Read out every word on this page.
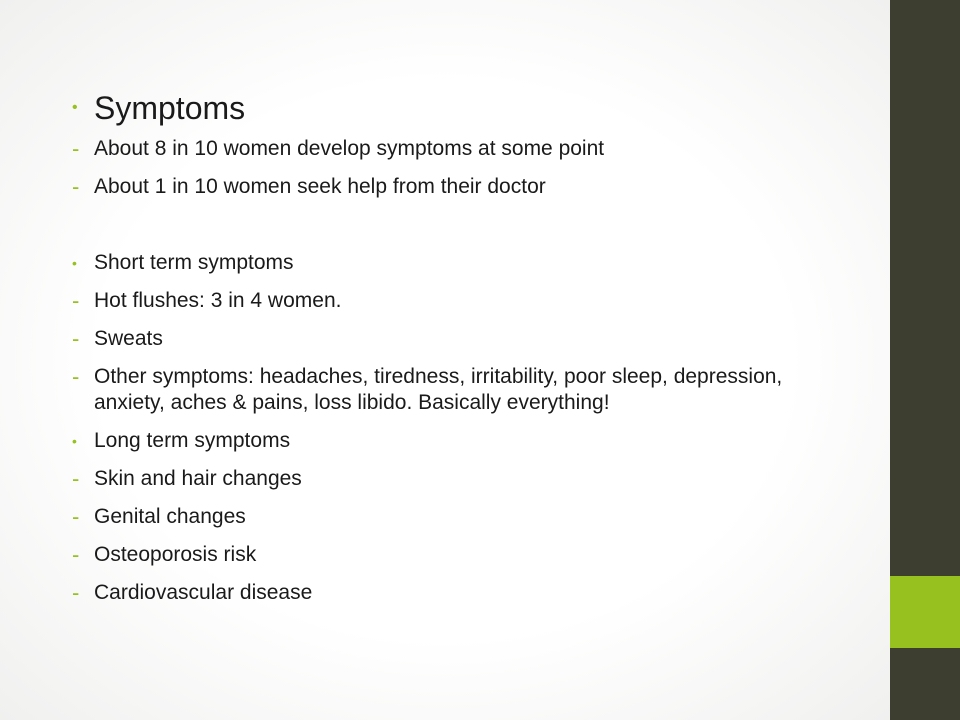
• Symptoms
- About 8 in 10 women develop symptoms at some point
- About 1 in 10 women seek help from their doctor
• Short term symptoms
- Hot flushes: 3 in 4 women.
- Sweats
- Other symptoms: headaches, tiredness, irritability, poor sleep, depression, anxiety, aches & pains, loss libido. Basically everything!
• Long term symptoms
- Skin and hair changes
- Genital changes
- Osteoporosis risk
- Cardiovascular disease
